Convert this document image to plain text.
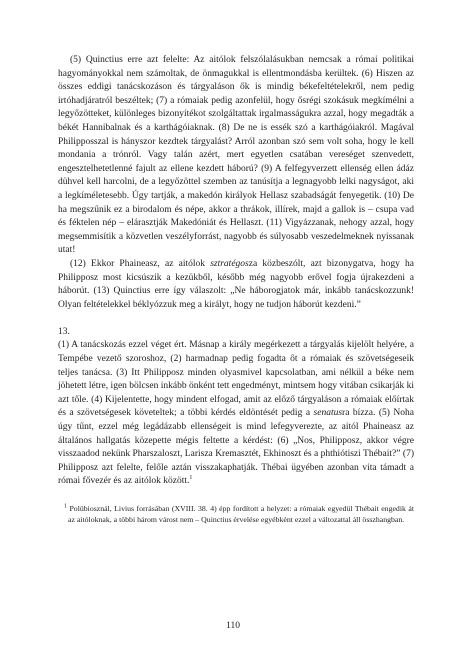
(5) Quinctius erre azt felelte: Az aitólok felszólalásukban nemcsak a római politikai hagyományokkal nem számoltak, de önmagukkal is ellentmondásba kerültek. (6) Hiszen az összes eddigi tanácskozáson és tárgyaláson ők is mindig békefeltételekről, nem pedig irtóhadjáratról beszéltek; (7) a rómaiak pedig azonfelül, hogy ősrégi szokásuk megkímélni a legyőzötteket, különleges bizonyítékot szolgáltattak irgalmasságukra azzal, hogy megadták a békét Hannibalnak és a karthágóiaknak. (8) De ne is essék szó a karthágóiakról. Magával Philipposszal is hányszor kezdtek tárgyalást? Arról azonban szó sem volt soha, hogy le kell mondania a trónról. Vagy talán azért, mert egyetlen csatában vereséget szenvedett, engesztelhetetlenné fajult az ellene kezdett háború? (9) A felfegyverzett ellenség ellen ádáz dühvel kell harcolni, de a legyőzöttel szemben az tanúsítja a legnagyobb lelki nagyságot, aki a legkíméletesebb. Úgy tartják, a makedón királyok Hellasz szabadságát fenyegetik. (10) De ha megszűnik ez a birodalom és népe, akkor a thrákok, illírek, majd a gallok is – csupa vad és féktelen nép – elárasztják Makedóniát és Hellaszt. (11) Vigyázzanak, nehogy azzal, hogy megsemmisítik a közvetlen veszélyforrást, nagyobb és súlyosabb veszedelmeknek nyissanak utat!

(12) Ekkor Phaineasz, az aitólok sztratégosza közbeszólt, azt bizonygatva, hogy ha Philipposz most kicsúszik a kezükből, később még nagyobb erővel fogja újrakezdeni a háborút. (13) Quinctius erre így válaszolt: „Ne háborogjatok már, inkább tanácskozzunk! Olyan feltételekkel béklyózzuk meg a királyt, hogy ne tudjon háborút kezdeni.”

13.

(1) A tanácskozás ezzel véget ért. Másnap a király megérkezett a tárgyalás kijelölt helyére, a Tempébe vezető szoroshoz, (2) harmadnap pedig fogadta őt a rómaiak és szövetségeseik teljes tanácsa. (3) Itt Philipposz minden olyasmivel kapcsolatban, ami nélkül a béke nem jöhetett létre, igen bölcsen inkább önként tett engedményt, mintsem hogy vitában csikarják ki azt tőle. (4) Kijelentette, hogy mindent elfogad, amit az előző tárgyaláson a rómaiak előírtak és a szövetségesek követeltek; a többi kérdés eldöntését pedig a senatusra bízza. (5) Noha úgy tűnt, ezzel még legádázabb ellenségeit is mind lefegyverezte, az aitól Phaineasz az általános hallgatás közepette mégis feltette a kérdést: (6) „Nos, Philipposz, akkor végre visszaadod nekünk Pharszaloszt, Larisza Kremasztét, Ekhinoszt és a phthiótiszi Thébait?” (7) Philipposz azt felelte, felőle aztán visszakaphatják. Thébai ügyében azonban vita támadt a római fővezér és az aitólok között.$^1$

$^1$ Polübiosznál, Livius forrásában (XVIII. 38. 4) épp fordított a helyzet: a rómaiak egyedül Thébait engedik át az aitóloknak, a többi három várost nem – Quinctius érvelése egyébként ezzel a változattal áll összhangban.

110
